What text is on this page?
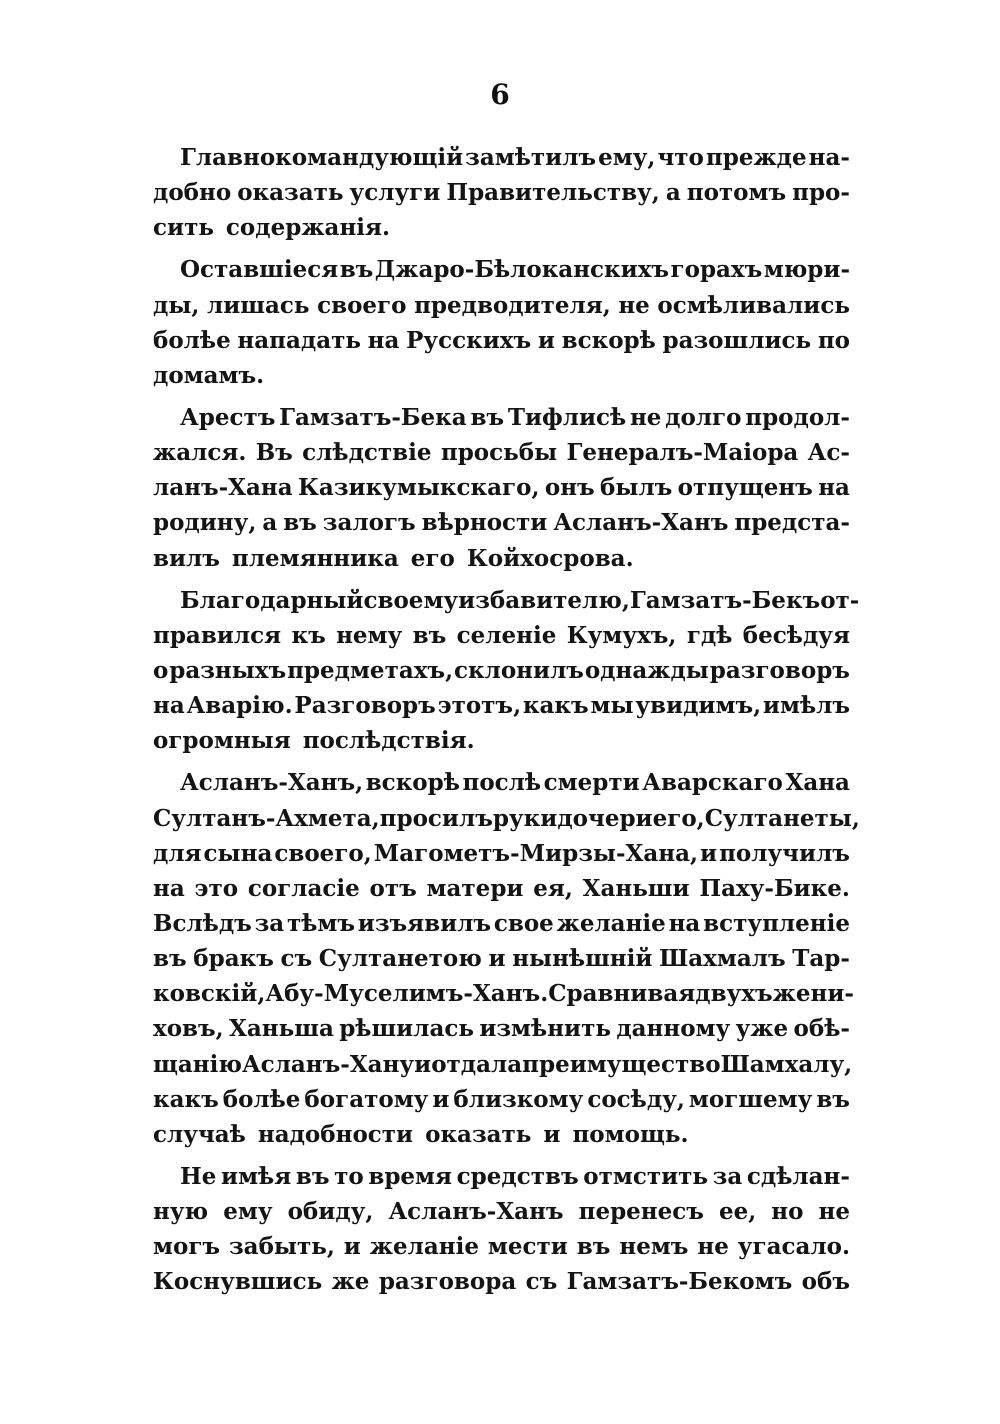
6

Главнокомандующій замѣтилъ ему, что прежде на-
добно оказать услуги Правительству, а потомъ про-
сить содержанія.
Оставшіеся въ Джаро-Бѣлоканскихъ горахъ мюри-
ды, лишась своего предводителя, не осмѣливались
болѣе нападать на Русскихъ и вскорѣ разошлись по
домамъ.
Арестъ Гамзатъ-Бека въ Тифлисѣ не долго продол-
жался. Въ слѣдствіе просьбы Генералъ-Маіора Ас-
ланъ-Хана Казикумыкскаго, онъ былъ отпущенъ на
родину, а въ залогъ вѣрности Асланъ-Ханъ предста-
вилъ племянника его Койхосрова.
Благодарный своему избавителю, Гамзатъ-Бекъ от-
правился къ нему въ селеніе Кумухъ, гдѣ бесѣдуя
о разныхъ предметахъ, склонилъ однажды разговоръ
на Аварію. Разговоръ этотъ, какъ мы увидимъ, имѣлъ
огромныя послѣдствія.
Асланъ-Ханъ, вскорѣ послѣ смерти Аварскаго Хана
Султанъ-Ахмета, просилъ руки дочери его, Султанеты,
для сына своего, Магометъ-Мирзы-Хана, и получилъ
на это согласіе отъ матери ея, Ханьши Паху-Бике.
Вслѣдъ за тѣмъ изъявилъ свое желаніе на вступленіе
въ бракъ съ Султанетою и нынѣшній Шахмалъ Тар-
ковскій, Абу-Муселимъ-Ханъ. Сравнивая двухъ жени-
ховъ, Ханьша рѣшилась измѣнить данному уже обѣ-
щанію Асланъ-Хану и отдала преимущество Шамхалу,
какъ болѣе богатому и близкому сосѣду, могшему въ
случаѣ надобности оказать и помощь.
Не имѣя въ то время средствъ отмстить за сдѣлан-
ную ему обиду, Асланъ-Ханъ перенесъ ее, но не
могъ забыть, и желаніе мести въ немъ не угасало.
Коснувшись же разговора съ Гамзатъ-Бекомъ объ
